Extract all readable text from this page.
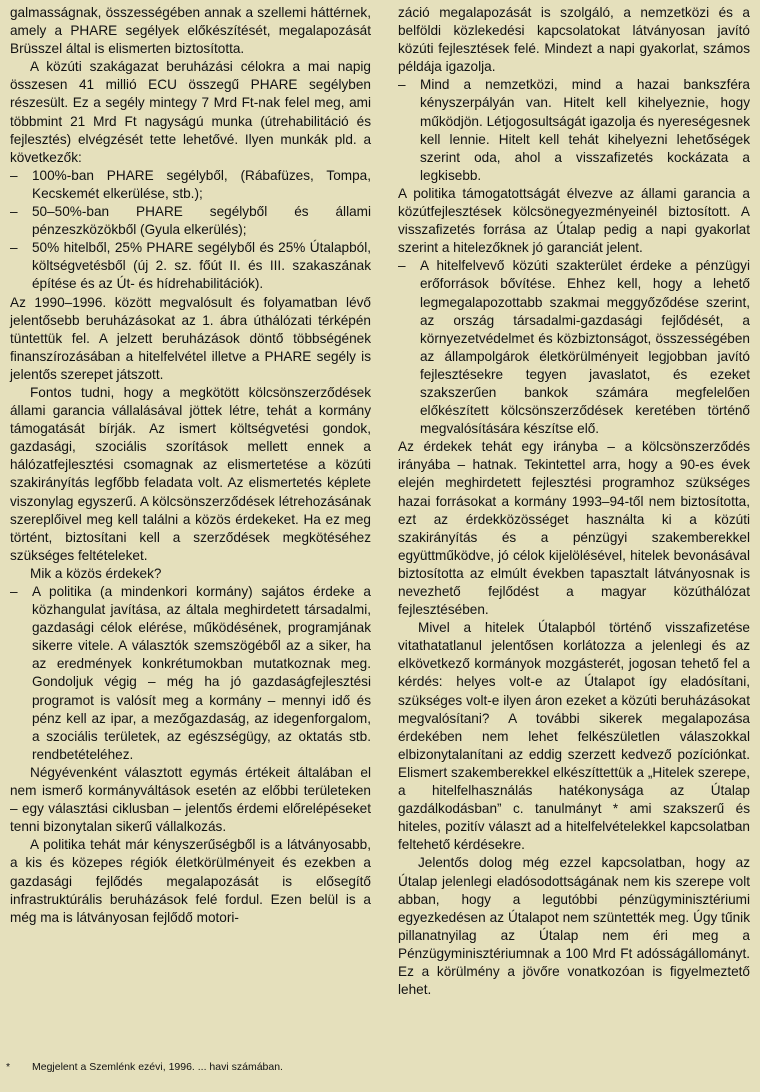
galmasságnak, összességében annak a szellemi háttérnek, amely a PHARE segélyek előkészítését, megalapozását Brüsszel által is elismerten biztosította.

A közúti szakágazat beruházási célokra a mai napig összesen 41 millió ECU összegű PHARE segélyben részesült. Ez a segély mintegy 7 Mrd Ft-nak felel meg, ami többmint 21 Mrd Ft nagyságú munka (útrehabilitáció és fejlesztés) elvégzését tette lehetővé. Ilyen munkák pld. a következők:

–	100%-ban PHARE segélyből, (Rábafüzes, Tompa, Kecskemét elkerülése, stb.);
–	50–50%-ban PHARE segélyből és állami pénzeszközökből (Gyula elkerülés);
–	50% hitelből, 25% PHARE segélyből és 25% Útalapból, költségvetésből (új 2. sz. főút II. és III. szakaszának építése és az Út- és hídrehabilitációk).

Az 1990–1996. között megvalósult és folyamatban lévő jelentősebb beruházásokat az 1. ábra úthálózati térképén tüntettük fel. A jelzett beruházások döntő többségének finanszírozásában a hitelfelvétel illetve a PHARE segély is jelentős szerepet játszott.

Fontos tudni, hogy a megkötött kölcsönszerződések állami garancia vállalásával jöttek létre, tehát a kormány támogatását bírják. Az ismert költségvetési gondok, gazdasági, szociális szorítások mellett ennek a hálózatfejlesztési csomagnak az elismertetése a közúti szakirányítás legfőbb feladata volt. Az elismertetés képlete viszonylag egyszerű. A kölcsönszerződések létrehozásának szereplőivel meg kell találni a közös érdekeket. Ha ez meg történt, biztosítani kell a szerződések megkötéséhez szükséges feltételeket.

Mik a közös érdekek?

–	A politika (a mindenkori kormány) sajátos érdeke a közhangulat javítása, az általa meghirdetett társadalmi, gazdasági célok elérése, működésének, programjának sikerre vitele. A választók szemszögéből az a siker, ha az eredmények konkrétumokban mutatkoznak meg. Gondoljuk végig – még ha jó gazdaságfejlesztési programot is valósít meg a kormány – mennyi idő és pénz kell az ipar, a mezőgazdaság, az idegenforgalom, a szociális területek, az egészségügy, az oktatás stb. rendbetételéhez.

Négyévenként választott egymás értékeit általában el nem ismerő kormányváltások esetén az előbbi területeken – egy választási ciklusban – jelentős érdemi előrelépéseket tenni bizonytalan sikerű vállalkozás.

A politika tehát már kényszerűségből is a látványosabb, a kis és közepes régiók életkörülményeit és ezekben a gazdasági fejlődés megalapozását is elősegítő infrastruktúrális beruházások felé fordul. Ezen belül is a még ma is látványosan fejlődő motori-

záció megalapozását is szolgáló, a nemzetközi és a belföldi közlekedési kapcsolatokat látványosan javító közúti fejlesztések felé. Mindezt a napi gyakorlat, számos példája igazolja.

–	Mind a nemzetközi, mind a hazai bankszféra kényszerpályán van. Hitelt kell kihelyeznie, hogy működjön. Létjogosultságát igazolja és nyereségesnek kell lennie. Hitelt kell tehát kihelyezni lehetőségek szerint oda, ahol a visszafizetés kockázata a legkisebb.

A politika támogatottságát élvezve az állami garancia a közútfejlesztések kölcsönegyezményeinél biztosított. A visszafizetés forrása az Útalap pedig a napi gyakorlat szerint a hitelezőknek jó garanciát jelent.

–	A hitelfelvevő közúti szakterület érdeke a pénzügyi erőforrások bővítése. Ehhez kell, hogy a lehető legmegalapozottabb szakmai meggyőződése szerint, az ország társadalmi-gazdasági fejlődését, a környezetvédelmet és közbiztonságot, összességében az állampolgárok életkörülményeit legjobban javító fejlesztésekre tegyen javaslatot, és ezeket szakszerűen bankok számára megfelelően előkészített kölcsönszerződések keretében történő megvalósítására készítse elő.

Az érdekek tehát egy irányba – a kölcsönszerződés irányába – hatnak. Tekintettel arra, hogy a 90-es évek elején meghirdetett fejlesztési programhoz szükséges hazai forrásokat a kormány 1993–94-től nem biztosította, ezt az érdekközösséget használta ki a közúti szakirányítás és a pénzügyi szakemberekkel együttműködve, jó célok kijelölésével, hitelek bevonásával biztosította az elmúlt években tapasztalt látványosnak is nevezhető fejlődést a magyar közúthálózat fejlesztésében.

Mivel a hitelek Útalapból történő visszafizetése vitathatatlanul jelentősen korlátozza a jelenlegi és az elkövetkező kormányok mozgásterét, jogosan tehető fel a kérdés: helyes volt-e az Útalapot így eladósítani, szükséges volt-e ilyen áron ezeket a közúti beruházásokat megvalósítani? A további sikerek megalapozása érdekében nem lehet felkészületlen válaszokkal elbizonytalanítani az eddig szerzett kedvező pozíciónkat. Elismert szakemberekkel elkészíttettük a „Hitelek szerepe, a hitelfelhasználás hatékonysága az Útalap gazdálkodásban” c. tanulmányt * ami szakszerű és hiteles, pozitív választ ad a hitelfelvételekkel kapcsolatban feltehető kérdésekre.

Jelentős dolog még ezzel kapcsolatban, hogy az Útalap jelenlegi eladósodottságának nem kis szerepe volt abban, hogy a legutóbbi pénzügyminisztériumi egyezkedésen az Útalapot nem szüntették meg. Úgy tűnik pillanatnyilag az Útalap nem éri meg a Pénzügyminisztériumnak a 100 Mrd Ft adósságállományt. Ez a körülmény a jövőre vonatkozóan is figyelmeztető lehet.

* Megjelent a Szemlénk ezévi, 1996. ... havi számában.
